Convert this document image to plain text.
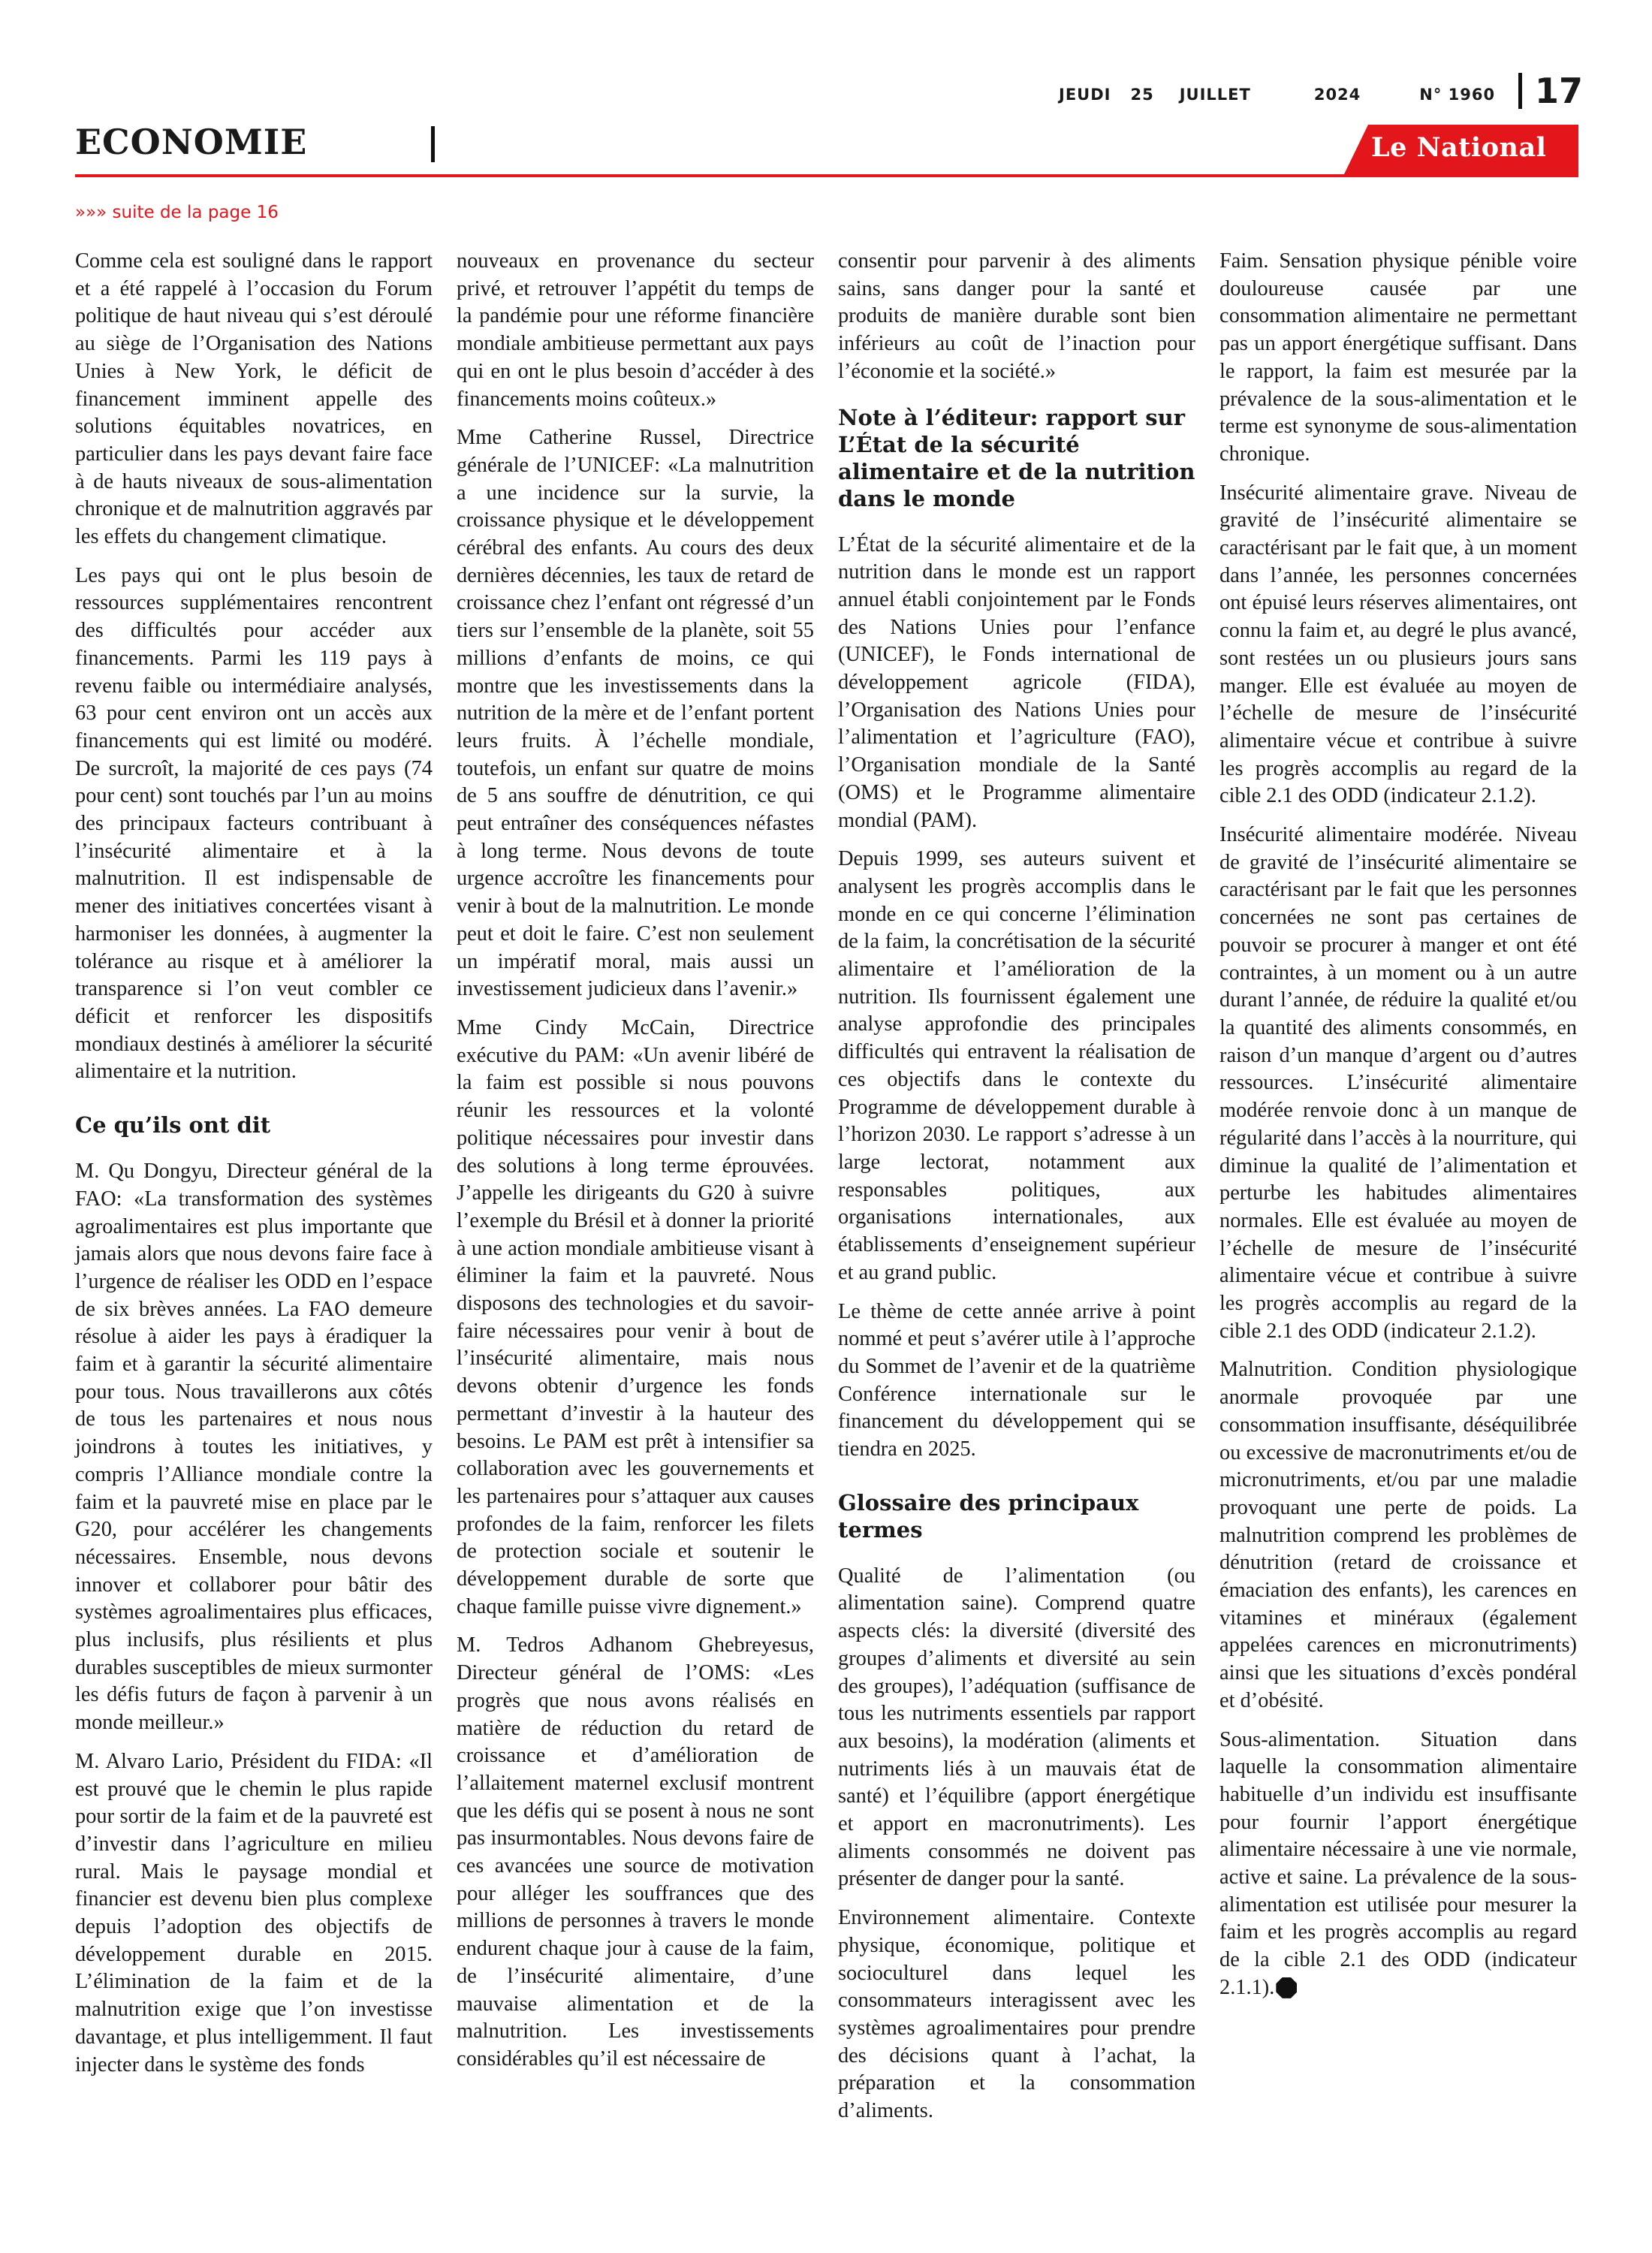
JEUDI 25 JUILLET	2024	N° 1960 17
ECONOMIE	Le National
»»» suite de la page 16

Comme cela est souligné dans le rapport et a été rappelé à l’occasion du Forum politique de haut niveau qui s’est déroulé au siège de l’Organisation des Nations Unies à New York, le déficit de financement imminent appelle des solutions équitables novatrices, en particulier dans les pays devant faire face à de hauts niveaux de sous-alimentation chronique et de malnutrition aggravés par les effets du changement climatique.

Les pays qui ont le plus besoin de ressources supplémentaires rencontrent des difficultés pour accéder aux financements. Parmi les 119 pays à revenu faible ou intermédiaire analysés, 63 pour cent environ ont un accès aux financements qui est limité ou modéré. De surcroît, la majorité de ces pays (74 pour cent) sont touchés par l’un au moins des principaux facteurs contribuant à l’insécurité alimentaire et à la malnutrition. Il est indispensable de mener des initiatives concertées visant à harmoniser les données, à augmenter la tolérance au risque et à améliorer la transparence si l’on veut combler ce déficit et renforcer les dispositifs mondiaux destinés à améliorer la sécurité alimentaire et la nutrition.

Ce qu’ils ont dit

M. Qu Dongyu, Directeur général de la FAO: «La transformation des systèmes agroalimentaires est plus importante que jamais alors que nous devons faire face à l’urgence de réaliser les ODD en l’espace de six brèves années. La FAO demeure résolue à aider les pays à éradiquer la faim et à garantir la sécurité alimentaire pour tous. Nous travaillerons aux côtés de tous les partenaires et nous nous joindrons à toutes les initiatives, y compris l’Alliance mondiale contre la faim et la pauvreté mise en place par le G20, pour accélérer les changements nécessaires. Ensemble, nous devons innover et collaborer pour bâtir des systèmes agroalimentaires plus efficaces, plus inclusifs, plus résilients et plus durables susceptibles de mieux surmonter les défis futurs de façon à parvenir à un monde meilleur.»

M. Alvaro Lario, Président du FIDA: «Il est prouvé que le chemin le plus rapide pour sortir de la faim et de la pauvreté est d’investir dans l’agriculture en milieu rural. Mais le paysage mondial et financier est devenu bien plus complexe depuis l’adoption des objectifs de développement durable en 2015. L’élimination de la faim et de la malnutrition exige que l’on investisse davantage, et plus intelligemment. Il faut injecter dans le système des fonds

nouveaux en provenance du secteur privé, et retrouver l’appétit du temps de la pandémie pour une réforme financière mondiale ambitieuse permettant aux pays qui en ont le plus besoin d’accéder à des financements moins coûteux.»

Mme Catherine Russel, Directrice générale de l’UNICEF: «La malnutrition a une incidence sur la survie, la croissance physique et le développement cérébral des enfants. Au cours des deux dernières décennies, les taux de retard de croissance chez l’enfant ont régressé d’un tiers sur l’ensemble de la planète, soit 55 millions d’enfants de moins, ce qui montre que les investissements dans la nutrition de la mère et de l’enfant portent leurs fruits. À l’échelle mondiale, toutefois, un enfant sur quatre de moins de 5 ans souffre de dénutrition, ce qui peut entraîner des conséquences néfastes à long terme. Nous devons de toute urgence accroître les financements pour venir à bout de la malnutrition. Le monde peut et doit le faire. C’est non seulement un impératif moral, mais aussi un investissement judicieux dans l’avenir.»

Mme Cindy McCain, Directrice exécutive du PAM: «Un avenir libéré de la faim est possible si nous pouvons réunir les ressources et la volonté politique nécessaires pour investir dans des solutions à long terme éprouvées. J’appelle les dirigeants du G20 à suivre l’exemple du Brésil et à donner la priorité à une action mondiale ambitieuse visant à éliminer la faim et la pauvreté. Nous disposons des technologies et du savoir-faire nécessaires pour venir à bout de l’insécurité alimentaire, mais nous devons obtenir d’urgence les fonds permettant d’investir à la hauteur des besoins. Le PAM est prêt à intensifier sa collaboration avec les gouvernements et les partenaires pour s’attaquer aux causes profondes de la faim, renforcer les filets de protection sociale et soutenir le développement durable de sorte que chaque famille puisse vivre dignement.»

M. Tedros Adhanom Ghebreyesus, Directeur général de l’OMS: «Les progrès que nous avons réalisés en matière de réduction du retard de croissance et d’amélioration de l’allaitement maternel exclusif montrent que les défis qui se posent à nous ne sont pas insurmontables. Nous devons faire de ces avancées une source de motivation pour alléger les souffrances que des millions de personnes à travers le monde endurent chaque jour à cause de la faim, de l’insécurité alimentaire, d’une mauvaise alimentation et de la malnutrition. Les investissements considérables qu’il est nécessaire de

consentir pour parvenir à des aliments sains, sans danger pour la santé et produits de manière durable sont bien inférieurs au coût de l’inaction pour l’économie et la société.»

Note à l’éditeur: rapport sur L’État de la sécurité alimentaire et de la nutrition dans le monde

L’État de la sécurité alimentaire et de la nutrition dans le monde est un rapport annuel établi conjointement par le Fonds des Nations Unies pour l’enfance (UNICEF), le Fonds international de développement agricole (FIDA), l’Organisation des Nations Unies pour l’alimentation et l’agriculture (FAO), l’Organisation mondiale de la Santé (OMS) et le Programme alimentaire mondial (PAM).

Depuis 1999, ses auteurs suivent et analysent les progrès accomplis dans le monde en ce qui concerne l’élimination de la faim, la concrétisation de la sécurité alimentaire et l’amélioration de la nutrition. Ils fournissent également une analyse approfondie des principales difficultés qui entravent la réalisation de ces objectifs dans le contexte du Programme de développement durable à l’horizon 2030. Le rapport s’adresse à un large lectorat, notamment aux responsables politiques, aux organisations internationales, aux établissements d’enseignement supérieur et au grand public.

Le thème de cette année arrive à point nommé et peut s’avérer utile à l’approche du Sommet de l’avenir et de la quatrième Conférence internationale sur le financement du développement qui se tiendra en 2025.

Glossaire des principaux termes

Qualité de l’alimentation (ou alimentation saine). Comprend quatre aspects clés: la diversité (diversité des groupes d’aliments et diversité au sein des groupes), l’adéquation (suffisance de tous les nutriments essentiels par rapport aux besoins), la modération (aliments et nutriments liés à un mauvais état de santé) et l’équilibre (apport énergétique et apport en macronutriments). Les aliments consommés ne doivent pas présenter de danger pour la santé.

Environnement alimentaire. Contexte physique, économique, politique et socioculturel dans lequel les consommateurs interagissent avec les systèmes agroalimentaires pour prendre des décisions quant à l’achat, la préparation et la consommation d’aliments.

Faim. Sensation physique pénible voire douloureuse causée par une consommation alimentaire ne permettant pas un apport énergétique suffisant. Dans le rapport, la faim est mesurée par la prévalence de la sous-alimentation et le terme est synonyme de sous-alimentation chronique.

Insécurité alimentaire grave. Niveau de gravité de l’insécurité alimentaire se caractérisant par le fait que, à un moment dans l’année, les personnes concernées ont épuisé leurs réserves alimentaires, ont connu la faim et, au degré le plus avancé, sont restées un ou plusieurs jours sans manger. Elle est évaluée au moyen de l’échelle de mesure de l’insécurité alimentaire vécue et contribue à suivre les progrès accomplis au regard de la cible 2.1 des ODD (indicateur 2.1.2).

Insécurité alimentaire modérée. Niveau de gravité de l’insécurité alimentaire se caractérisant par le fait que les personnes concernées ne sont pas certaines de pouvoir se procurer à manger et ont été contraintes, à un moment ou à un autre durant l’année, de réduire la qualité et/ou la quantité des aliments consommés, en raison d’un manque d’argent ou d’autres ressources. L’insécurité alimentaire modérée renvoie donc à un manque de régularité dans l’accès à la nourriture, qui diminue la qualité de l’alimentation et perturbe les habitudes alimentaires normales. Elle est évaluée au moyen de l’échelle de mesure de l’insécurité alimentaire vécue et contribue à suivre les progrès accomplis au regard de la cible 2.1 des ODD (indicateur 2.1.2).

Malnutrition. Condition physiologique anormale provoquée par une consommation insuffisante, déséquilibrée ou excessive de macronutriments et/ou de micronutriments, et/ou par une maladie provoquant une perte de poids. La malnutrition comprend les problèmes de dénutrition (retard de croissance et émaciation des enfants), les carences en vitamines et minéraux (également appelées carences en micronutriments) ainsi que les situations d’excès pondéral et d’obésité.

Sous-alimentation. Situation dans laquelle la consommation alimentaire habituelle d’un individu est insuffisante pour fournir l’apport énergétique alimentaire nécessaire à une vie normale, active et saine. La prévalence de la sous-alimentation est utilisée pour mesurer la faim et les progrès accomplis au regard de la cible 2.1 des ODD (indicateur 2.1.1).
